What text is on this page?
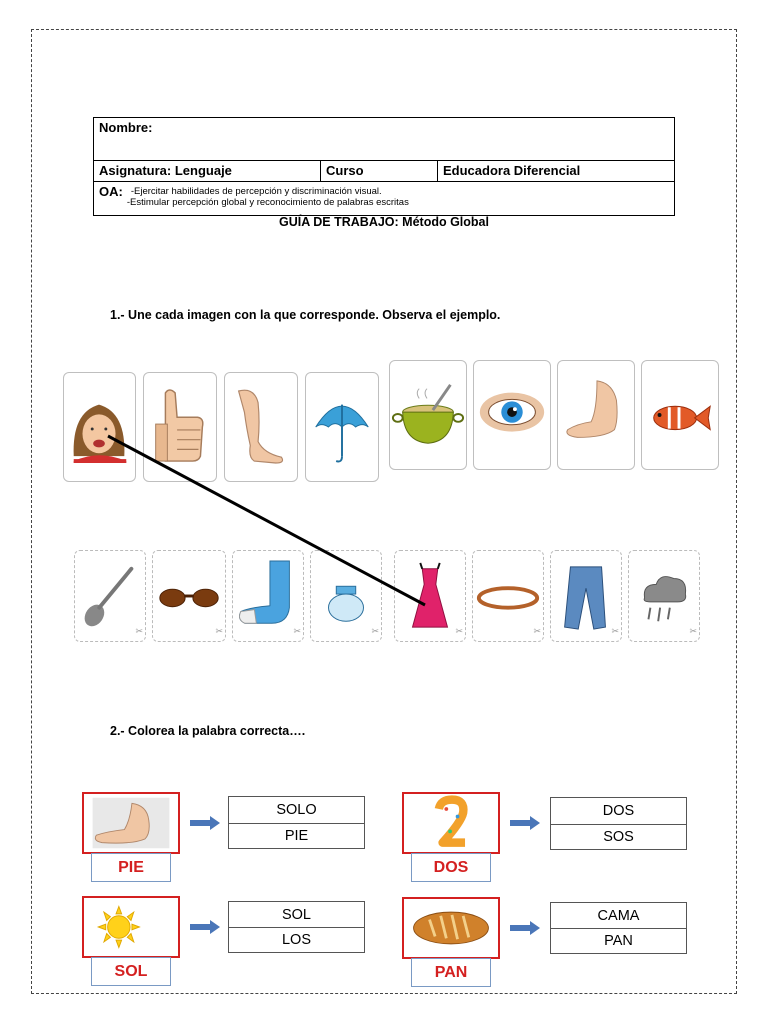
Nombre:
Asignatura: Lenguaje	Curso	Educadora Diferencial

OA:	-Ejercitar habilidades de percepción y discriminación visual.
-Estimular percepción global y reconocimiento de palabras escritas
GUÍA DE TRABAJO: Método Global
1.- Une cada imagen con la que corresponde. Observa el ejemplo.
✂	✂	✂	✂	✂	✂	✂	✂
2.- Colorea la palabra correcta….
PIE
SOLO
PIE
DOS
DOS
SOS
SOL
SOL
LOS
PAN
CAMA
PAN
